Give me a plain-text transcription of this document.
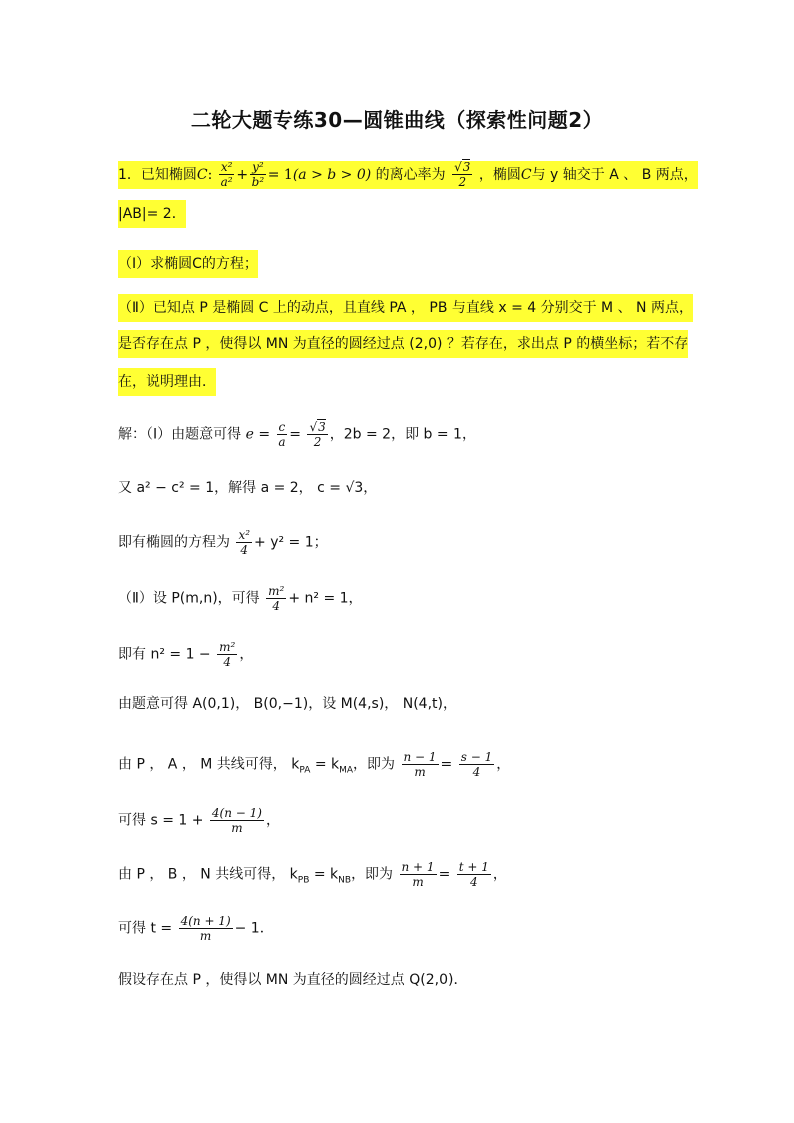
二轮大题专练30—圆锥曲线（探索性问题2）
1．已知椭圆C: $\frac{\text{x²}}{\text{a²}} + \frac{\text{y²}}{\text{b²}} = 1(a > b > 0)$ 的离心率为 $\frac{√3}{2}$ ，椭圆C与 y 轴交于 A 、 B 两点，
|AB|= 2．
（Ⅰ）求椭圆C的方程；
（Ⅱ）已知点 P 是椭圆 C 上的动点，且直线 PA ， PB 与直线 x = 4 分别交于 M 、 N 两点，
是否存在点 P ，使得以 MN 为直径的圆经过点 (2,0) ？若存在，求出点 P 的横坐标；若不存
在，说明理由．
解：（Ⅰ）由题意可得 $e = \frac{c}{a} = \frac{√3}{2}$ ，2b = 2，即 b = 1，
又 a² − c² = 1，解得 a = 2， c = √3，
即有椭圆的方程为 $\frac{\text{x²}}{4} + y^2 = 1$；
（Ⅱ）设 P(m,n)，可得 $\frac{\text{m²}}{4} + n^2 = 1$，
即有 $n^2 = 1 - \frac{\text{m²}}{4}$ ，
由题意可得 A(0,1)， B(0,−1)，设 M(4,s)， N(4,t)，
由 P ， A ， M 共线可得， $k_{PA} = k_{MA}$，即为 $\frac{n - 1}{m} = \frac{s - 1}{4}$ ，
可得 $s = 1 + \frac{4(n - 1)}{m}$ ，
由 P ， B ， N 共线可得， $k_{PB} = k_{NB}$，即为 $\frac{n + 1}{m} = \frac{t + 1}{4}$ ，
可得 $t = \frac{4(n + 1)}{m} - 1$．
假设存在点 P ，使得以 MN 为直径的圆经过点 Q(2,0)．
